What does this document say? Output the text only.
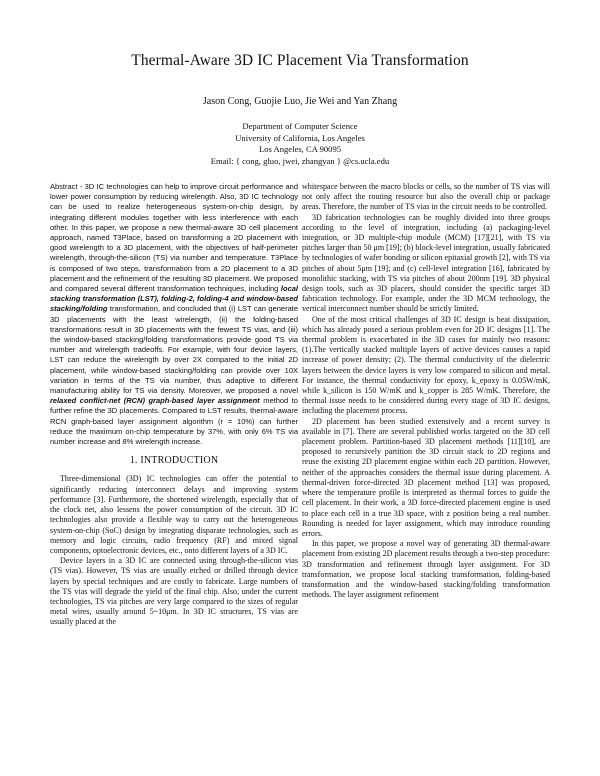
Thermal-Aware 3D IC Placement Via Transformation
Jason Cong, Guojie Luo, Jie Wei and Yan Zhang
Department of Computer Science
University of California, Los Angeles
Los Angeles, CA 90095
Email: { cong, gluo, jwei, zhangyan } @cs.ucla.edu

Abstract - 3D IC technologies can help to improve circuit performance and lower power consumption by reducing wirelength. Also, 3D IC technology can be used to realize heterogeneous system-on-chip design, by integrating different modules together with less interference with each other. In this paper, we propose a new thermal-aware 3D cell placement approach, named T3Place, based on transforming a 2D placement with good wirelength to a 3D placement, with the objectives of half-perimeter wirelength, through-the-silicon (TS) via number and temperature. T3Place is composed of two steps, transformation from a 2D placement to a 3D placement and the refinement of the resulting 3D placement. We proposed and compared several different transformation techniques, including local stacking transformation (LST), folding-2, folding-4 and window-based stacking/folding transformation, and concluded that (i) LST can generate 3D placements with the least wirelength, (ii) the folding-based transformations result in 3D placements with the fewest TS vias, and (iii) the window-based stacking/folding transformations provide good TS via number and wirelength tradeoffs. For example, with four device layers, LST can reduce the wirelength by over 2X compared to the initial 2D placement, while window-based stacking/folding can provide over 10X variation in terms of the TS via number, thus adaptive to different manufacturing ability for TS via density. Moreover, we proposed a novel relaxed conflict-net (RCN) graph-based layer assignment method to further refine the 3D placements. Compared to LST results, thermal-aware RCN graph-based layer assignment algorithm (r = 10%) can further reduce the maximum on-chip temperature by 37%, with only 6% TS via number increase and 8% wirelength increase.

1. INTRODUCTION

Three-dimensional (3D) IC technologies can offer the potential to significantly reducing interconnect delays and improving system performance [3]. Furthermore, the shortened wirelength, especially that of the clock net, also lessens the power consumption of the circuit. 3D IC technologies also provide a flexible way to carry out the heterogeneous system-on-chip (SoC) design by integrating disparate technologies, such as memory and logic circuits, radio frequency (RF) and mixed signal components, optoelectronic devices, etc., onto different layers of a 3D IC.

Device layers in a 3D IC are connected using through-the-silicon vias (TS vias). However, TS vias are usually etched or drilled through device layers by special techniques and are costly to fabricate. Large numbers of the TS vias will degrade the yield of the final chip. Also, under the current technologies, TS via pitches are very large compared to the sizes of regular metal wires, usually around 5~10μm. In 3D IC structures, TS vias are usually placed at the

whitespace between the macro blocks or cells, so the number of TS vias will not only affect the routing resource but also the overall chip or package areas. Therefore, the number of TS vias in the circuit needs to be controlled.

3D fabrication technologies can be roughly divided into three groups according to the level of integration, including (a) packaging-level integration, or 3D multiple-chip module (MCM) [17][21], with TS via pitches larger than 50 μm [19]; (b) block-level integration, usually fabricated by technologies of wafer bonding or silicon epitaxial growth [2], with TS via pitches of about 5μm [19]; and (c) cell-level integration [16], fabricated by monolithic stacking, with TS via pitches of about 200nm [19]. 3D physical design tools, such as 3D placers, should consider the specific target 3D fabrication technology. For example, under the 3D MCM technology, the vertical interconnect number should be strictly limited.

One of the most critical challenges of 3D IC design is heat dissipation, which has already posed a serious problem even for 2D IC designs [1]. The thermal problem is exacerbated in the 3D cases for mainly two reasons: (1).The vertically stacked multiple layers of active devices causes a rapid increase of power density; (2). The thermal conductivity of the dielectric layers between the device layers is very low compared to silicon and metal. For instance, the thermal conductivity for epoxy, k_epoxy is 0.05W/mK, while k_silicon is 150 W/mK and k_copper is 285 W/mK. Therefore, the thermal issue needs to be considered during every stage of 3D IC designs, including the placement process.

2D placement has been studied extensively and a recent survey is available in [7]. There are several published works targeted on the 3D cell placement problem. Partition-based 3D placement methods [11][10], are proposed to recursively partition the 3D circuit stack to 2D regions and reuse the existing 2D placement engine within each 2D partition. However, neither of the approaches considers the thermal issue during placement. A thermal-driven force-directed 3D placement method [13] was proposed, where the temperature profile is interpreted as thermal forces to guide the cell placement. In their work, a 3D force-directed placement engine is used to place each cell in a true 3D space, with z position being a real number. Rounding is needed for layer assignment, which may introduce rounding errors.

In this paper, we propose a novel way of generating 3D thermal-aware placement from existing 2D placement results through a two-step procedure: 3D transformation and refinement through layer assignment. For 3D transformation, we propose local stacking transformation, folding-based transformation and the window-based stacking/folding transformation methods. The layer assignment refinement
